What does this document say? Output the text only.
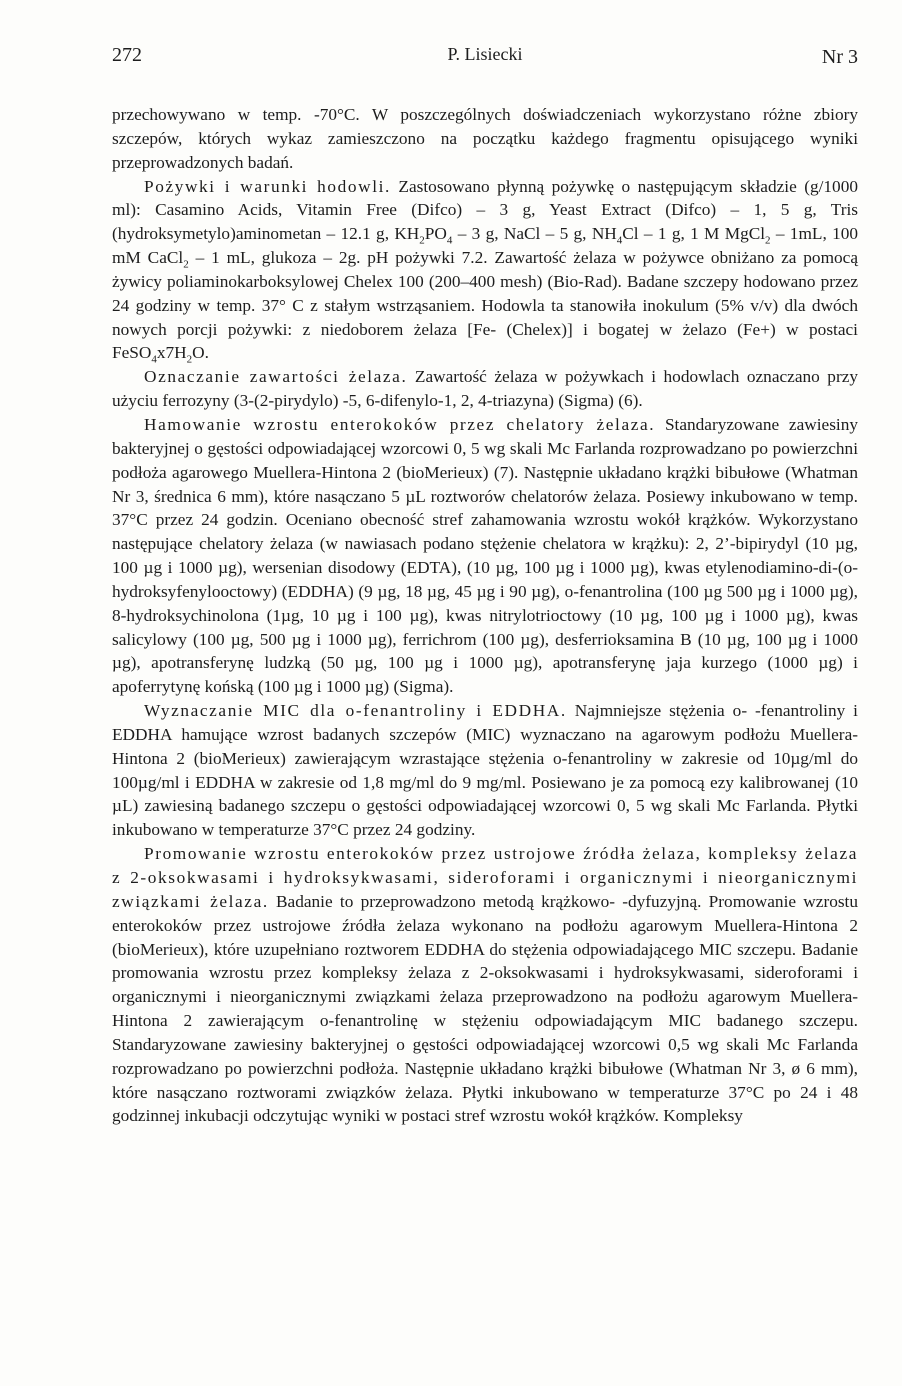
272	P. Lisiecki	Nr 3

przechowywano w temp. -70°C. W poszczególnych doświadczeniach wykorzystano różne zbiory szczepów, których wykaz zamieszczono na początku każdego fragmentu opisującego wyniki przeprowadzonych badań.

Pożywki i warunki hodowli. Zastosowano płynną pożywkę o następującym składzie (g/1000 ml): Casamino Acids, Vitamin Free (Difco) – 3 g, Yeast Extract (Difco) – 1, 5 g, Tris (hydroksymetylo)aminometan – 12.1 g, $KH_2PO_4 - 3$ g, NaCl – 5 g, $NH_4Cl - 1$ g, 1 M MgCl$_2$ – 1mL, 100 mM CaCl$_2$ – 1 mL, glukoza – 2g. pH pożywki 7.2. Zawartość żelaza w pożywce obniżano za pomocą żywicy poliaminokarboksylowej Chelex 100 (200–400 mesh) (Bio-Rad). Badane szczepy hodowano przez 24 godziny w temp. 37° C z stałym wstrząsaniem. Hodowla ta stanowiła inokulum (5% v/v) dla dwóch nowych porcji pożywki: z niedoborem żelaza [Fe- (Chelex)] i bogatej w żelazo (Fe+) w postaci $FeSO_4x7H_2O$.

Oznaczanie zawartości żelaza. Zawartość żelaza w pożywkach i hodowlach oznaczano przy użyciu ferrozyny (3-(2-pirydylo) -5, 6-difenylo-1, 2, 4-triazyna) (Sigma) (6).

Hamowanie wzrostu enterokoków przez chelatory żelaza. Standaryzowane zawiesiny bakteryjnej o gęstości odpowiadającej wzorcowi 0, 5 wg skali Mc Farlanda rozprowadzano po powierzchni podłoża agarowego Muellera-Hintona 2 (bioMerieux) (7). Następnie układano krążki bibułowe (Whatman Nr 3, średnica 6 mm), które nasączano 5 µL roztworów chelatorów żelaza. Posiewy inkubowano w temp. 37°C przez 24 godzin. Oceniano obecność stref zahamowania wzrostu wokół krążków. Wykorzystano następujące chelatory żelaza (w nawiasach podano stężenie chelatora w krążku): 2, 2’-bipirydyl (10 µg, 100 µg i 1000 µg), wersenian disodowy (EDTA), (10 µg, 100 µg i 1000 µg), kwas etylenodiamino-di-(o-hydroksyfenylooctowy) (EDDHA) (9 µg, 18 µg, 45 µg i 90 µg), o-fenantrolina (100 µg 500 µg i 1000 µg), 8-hydroksychinolona (1µg, 10 µg i 100 µg), kwas nitrylotrioctowy (10 µg, 100 µg i 1000 µg), kwas salicylowy (100 µg, 500 µg i 1000 µg), ferrichrom (100 µg), desferrioksamina B (10 µg, 100 µg i 1000 µg), apotransferynę ludzką (50 µg, 100 µg i 1000 µg), apotransferynę jaja kurzego (1000 µg) i apoferrytynę końską (100 µg i 1000 µg) (Sigma).

Wyznaczanie MIC dla o-fenantroliny i EDDHA. Najmniejsze stężenia o- -fenantroliny i EDDHA hamujące wzrost badanych szczepów (MIC) wyznaczano na agarowym podłożu Muellera-Hintona 2 (bioMerieux) zawierającym wzrastające stężenia o-fenantroliny w zakresie od 10µg/ml do 100µg/ml i EDDHA w zakresie od 1,8 mg/ml do 9 mg/ml. Posiewano je za pomocą ezy kalibrowanej (10 µL) zawiesiną badanego szczepu o gęstości odpowiadającej wzorcowi 0, 5 wg skali Mc Farlanda. Płytki inkubowano w temperaturze 37°C przez 24 godziny.

Promowanie wzrostu enterokoków przez ustrojowe źródła żelaza, kompleksy żelaza z 2-oksokwasami i hydroksykwasami, sideroforami i organicznymi i nieorganicznymi związkami żelaza. Badanie to przeprowadzono metodą krążkowo- -dyfuzyjną. Promowanie wzrostu enterokoków przez ustrojowe źródła żelaza wykonano na podłożu agarowym Muellera-Hintona 2 (bioMerieux), które uzupełniano roztworem EDDHA do stężenia odpowiadającego MIC szczepu. Badanie promowania wzrostu przez kompleksy żelaza z 2-oksokwasami i hydroksykwasami, sideroforami i organicznymi i nieorganicznymi związkami żelaza przeprowadzono na podłożu agarowym Muellera-Hintona 2 zawierającym o-fenantrolinę w stężeniu odpowiadającym MIC badanego szczepu. Standaryzowane zawiesiny bakteryjnej o gęstości odpowiadającej wzorcowi 0,5 wg skali Mc Farlanda rozprowadzano po powierzchni podłoża. Następnie układano krążki bibułowe (Whatman Nr 3, ø 6 mm), które nasączano roztworami związków żelaza. Płytki inkubowano w temperaturze 37°C po 24 i 48 godzinnej inkubacji odczytując wyniki w postaci stref wzrostu wokół krążków. Kompleksy
